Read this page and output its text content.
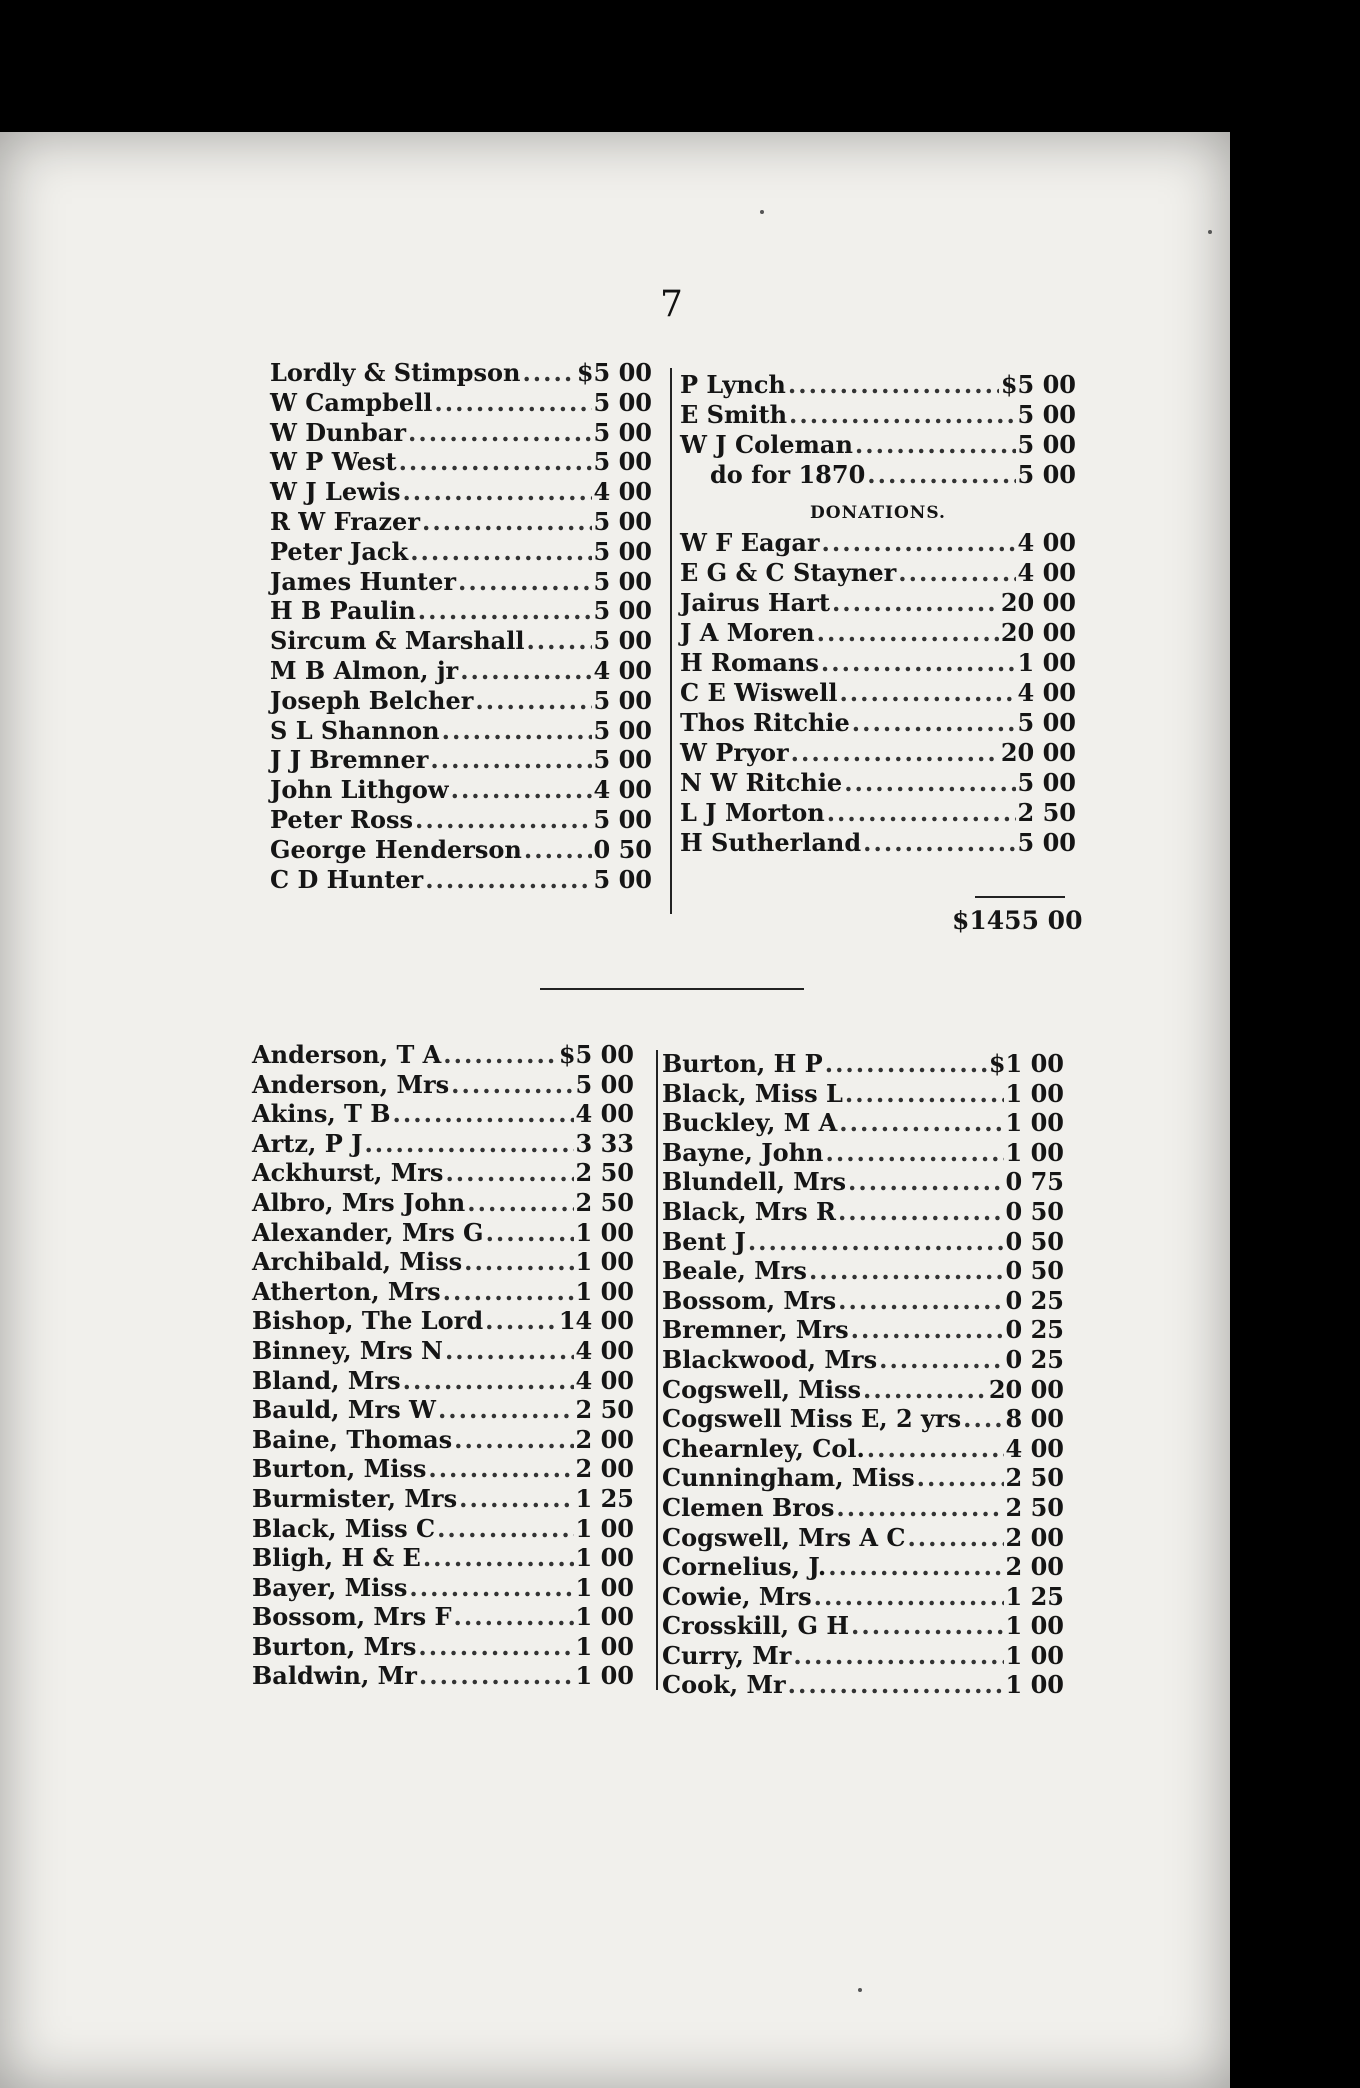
7
Lordly & Stimpson ..... $5 00
W Campbell .....	5 00
W Dunbar .....	5 00
W P West .....	5 00
W J Lewis .....	4 00
R W Frazer .....	5 00
Peter Jack .....	5 00
James Hunter .....	5 00
H B Paulin .....	5 00
Sircum & Marshall .....	5 00
M B Almon, jr .....	4 00
Joseph Belcher .....	5 00
S L Shannon .....	5 00
J J Bremner .....	5 00
John Lithgow .....	4 00
Peter Ross .....	5 00
George Henderson .....	0 50
C D Hunter .....	5 00
P Lynch .....	$5 00
E Smith .....	5 00
W J Coleman .....	5 00
do for 1870 .....	5 00
DONATIONS.
W F Eagar .....	4 00
E G & C Stayner .....	4 00
Jairus Hart .....	20 00
J A Moren .....	20 00
H Romans .....	1 00
C E Wiswell .....	4 00
Thos Ritchie .....	5 00
W Pryor .....	20 00
N W Ritchie .....	5 00
L J Morton .....	2 50
H Sutherland .....	5 00
$1455 00
Anderson, T A .....	$5 00
Anderson, Mrs .....	5 00
Akins, T B .....	4 00
Artz, P J .....	3 33
Ackhurst, Mrs .....	2 50
Albro, Mrs John .....	2 50
Alexander, Mrs G .....	1 00
Archibald, Miss .....	1 00
Atherton, Mrs .....	1 00
Bishop, The Lord .....	14 00
Binney, Mrs N .....	4 00
Bland, Mrs .....	4 00
Bauld, Mrs W .....	2 50
Baine, Thomas .....	2 00
Burton, Miss .....	2 00
Burmister, Mrs .....	1 25
Black, Miss C .....	1 00
Bligh, H & E .....	1 00
Bayer, Miss .....	1 00
Bossom, Mrs F .....	1 00
Burton, Mrs .....	1 00
Baldwin, Mr .....	1 00
Burton, H P .....	$1 00
Black, Miss L .....	1 00
Buckley, M A .....	1 00
Bayne, John .....	1 00
Blundell, Mrs .....	0 75
Black, Mrs R .....	0 50
Bent J .....	0 50
Beale, Mrs .....	0 50
Bossom, Mrs .....	0 25
Bremner, Mrs .....	0 25
Blackwood, Mrs .....	0 25
Cogswell, Miss .....	20 00
Cogswell Miss E, 2 yrs ..... 8 00
Chearnley, Col. .....	4 00
Cunningham, Miss .....	2 50
Clemen Bros .....	2 50
Cogswell, Mrs A C .....	2 00
Cornelius, J. .....	2 00
Cowie, Mrs .....	1 25
Crosskill, G H .....	1 00
Curry, Mr .....	1 00
Cook, Mr .....	1 00
